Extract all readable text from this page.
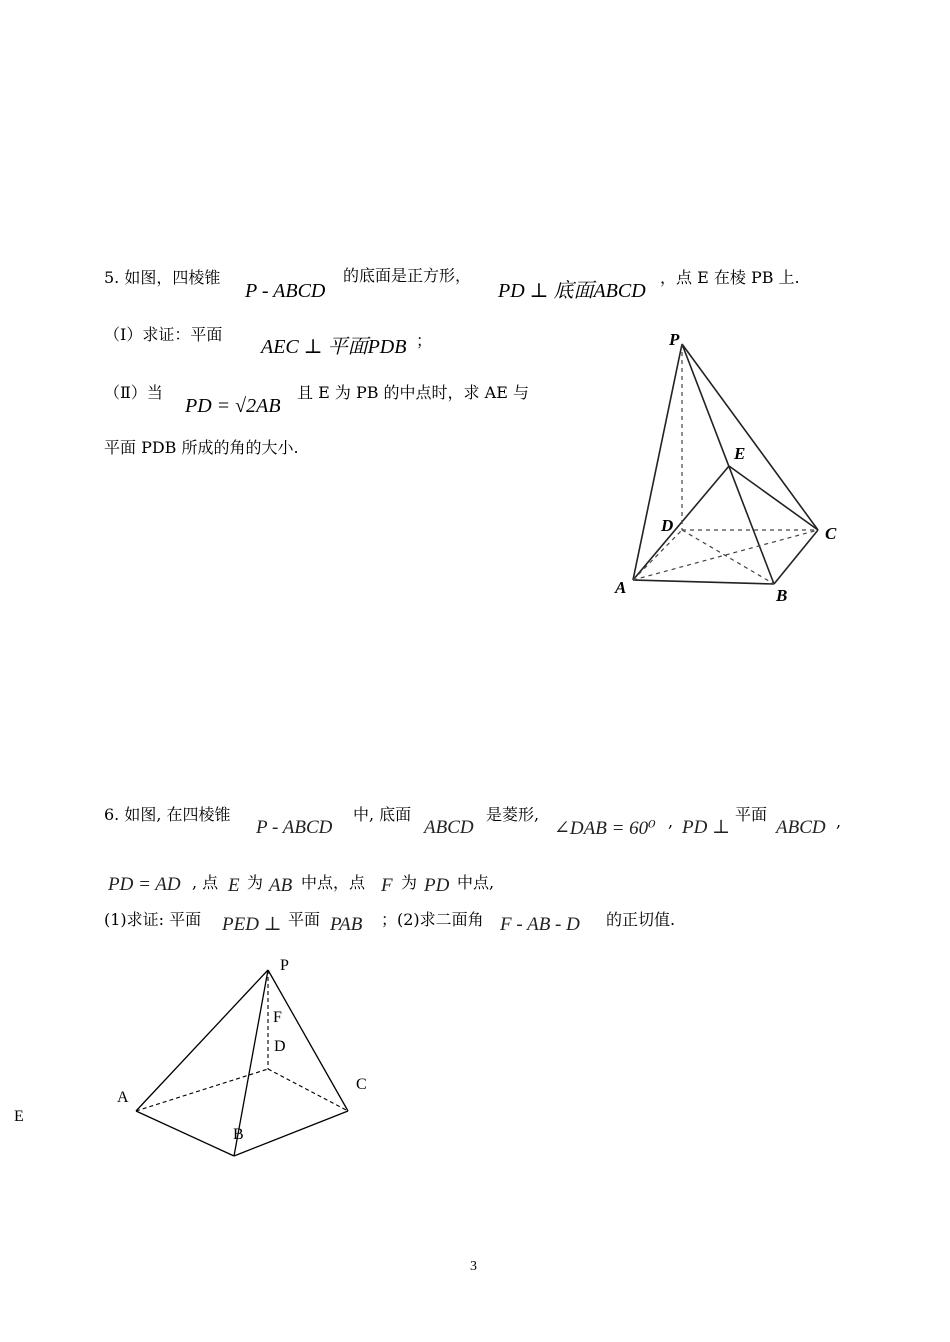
5. 如图，四棱锥
P - ABCD
的底面是正方形，
PD ⊥ 底面ABCD
，点 E 在棱 PB 上.
（Ⅰ）求证：平面
AEC ⊥ 平面PDB ；
（Ⅱ）当
PD = √2AB
且 E 为 PB 的中点时，求 AE 与
平面 PDB 所成的角的大小.
P
E
D	C
A	B
6. 如图, 在四棱锥
P - ABCD
中, 底面
ABCD
是菱形,
∠DAB = 60⁰ , PD ⊥
平面
ABCD ,
PD = AD , 点 E 为 AB 中点，点 F 为 PD 中点,
(1)求证: 平面 PED ⊥ 平面 PAB ；(2)求二面角 F - AB - D 的正切值.
P
F
D
A
C
B
E
3
